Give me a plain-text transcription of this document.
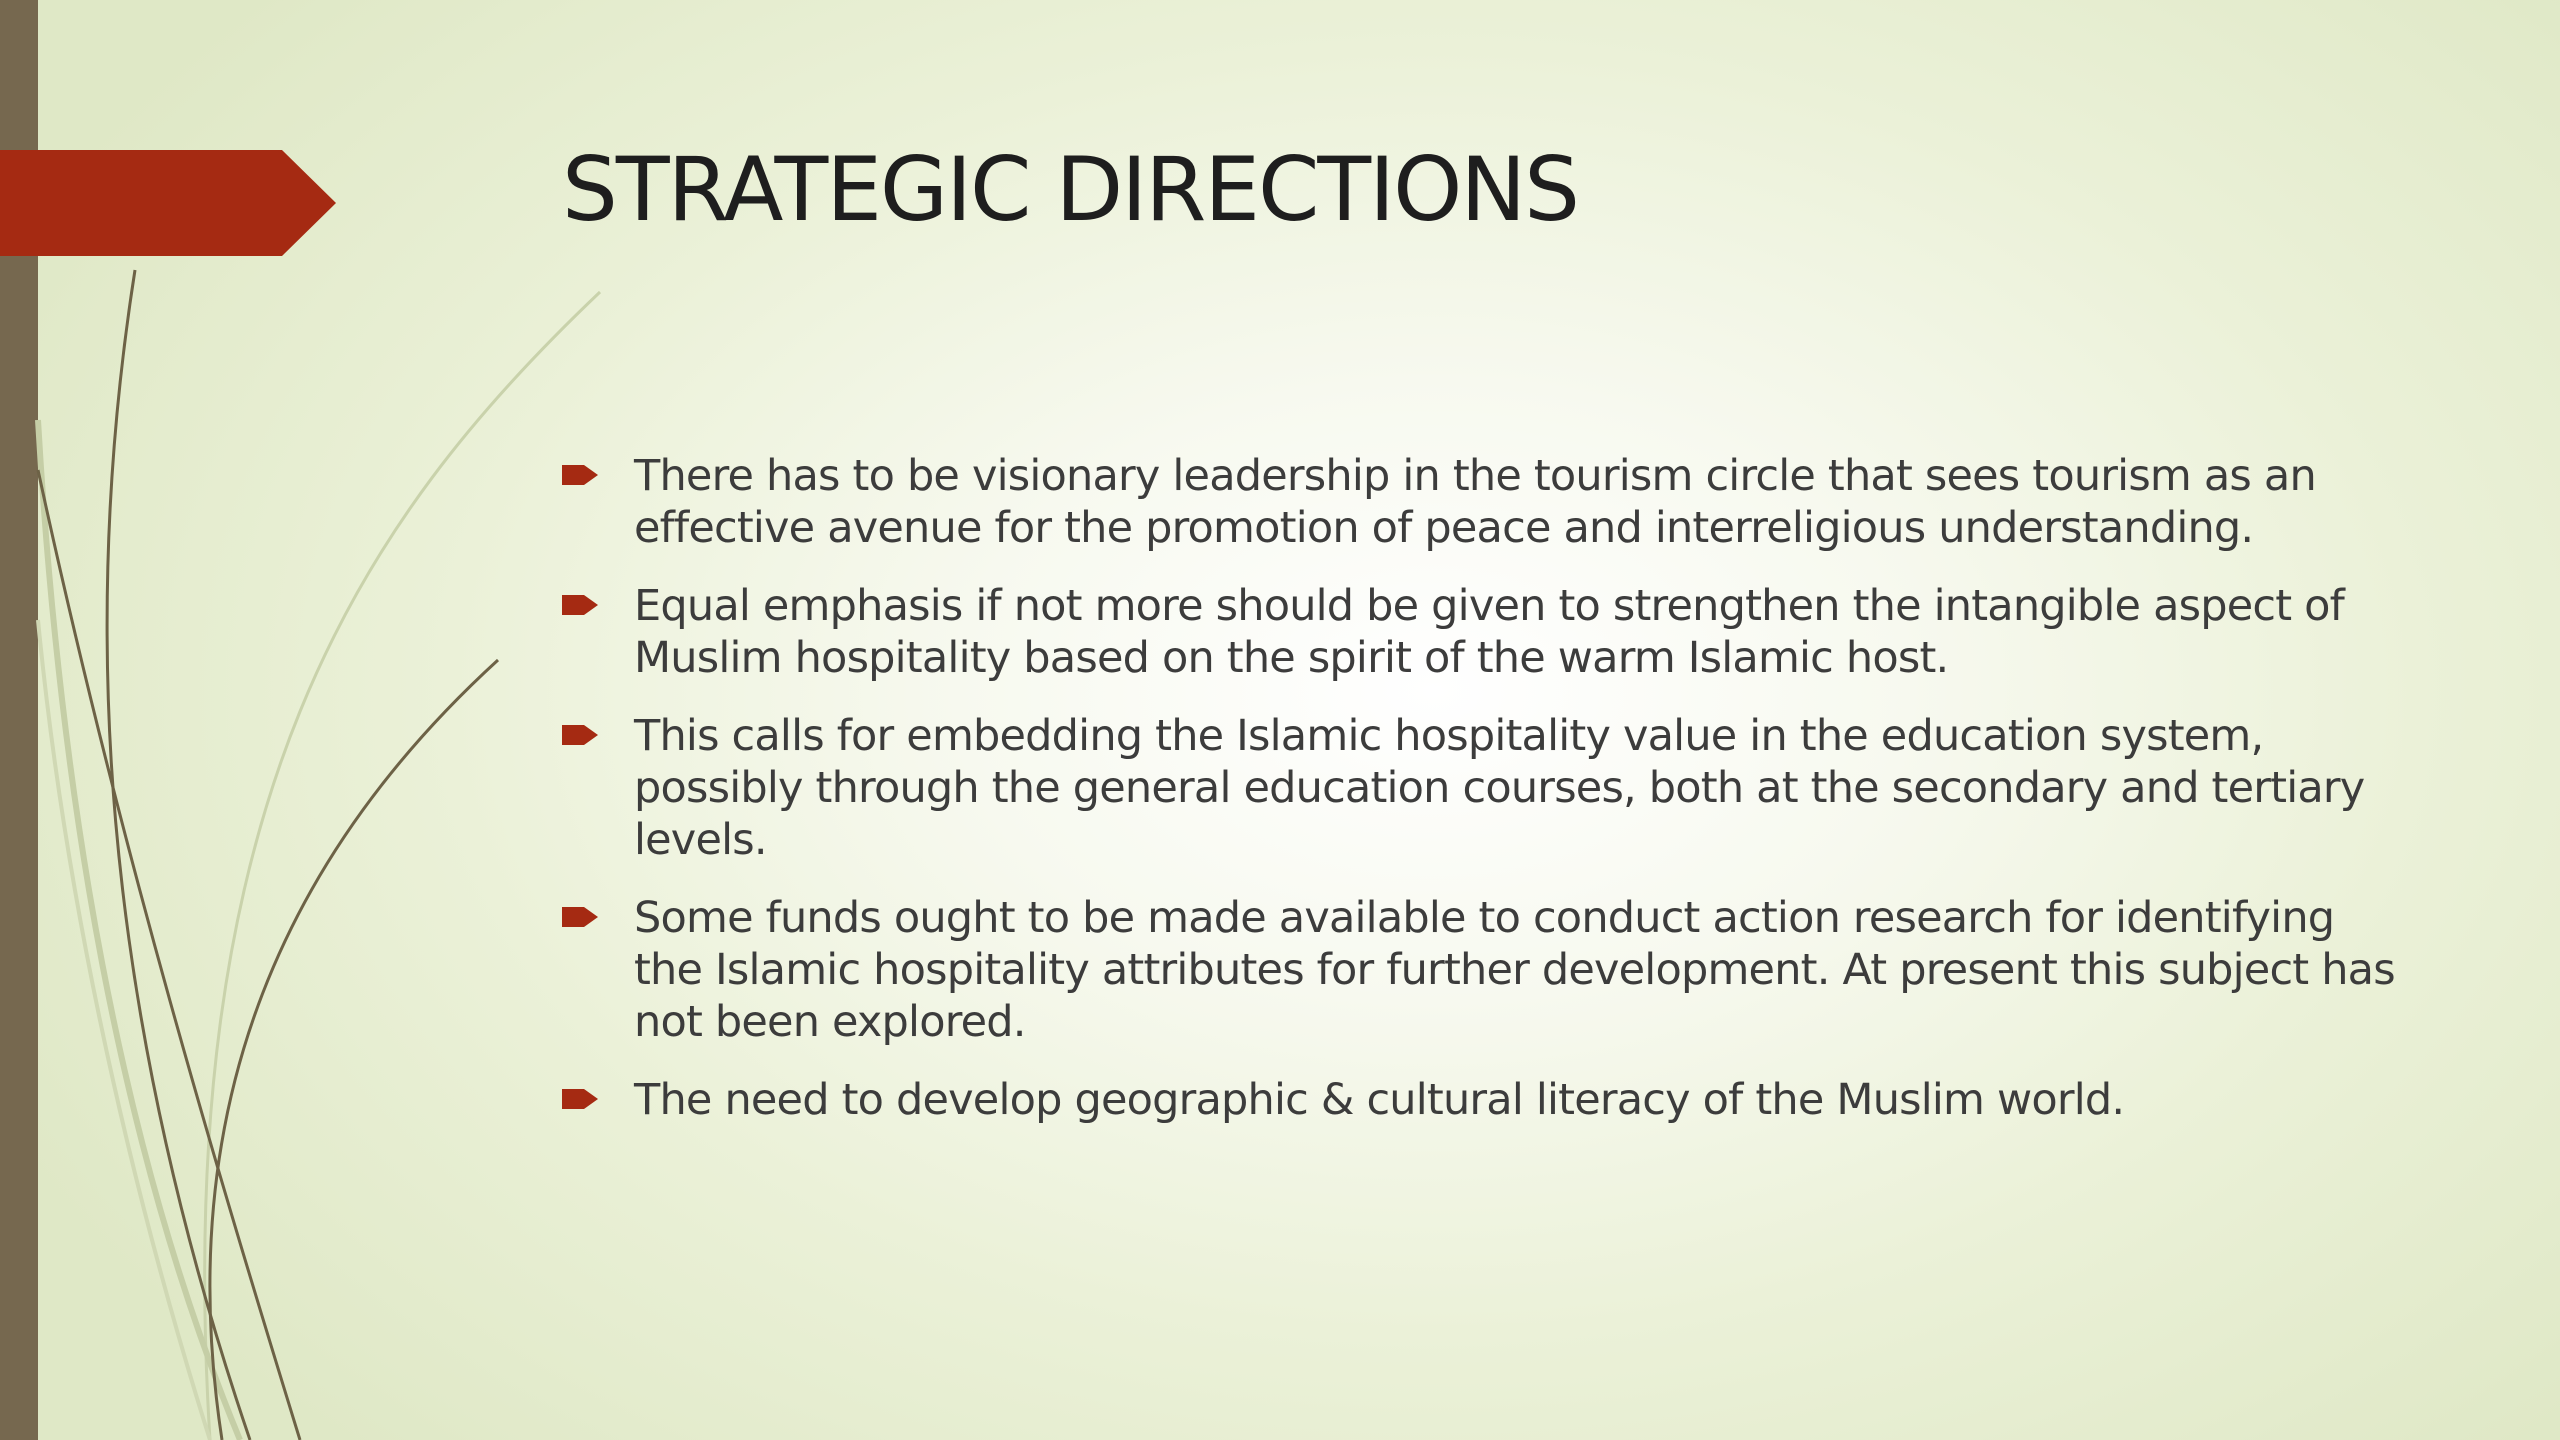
STRATEGIC DIRECTIONS
There has to be visionary leadership in the tourism circle that sees tourism as an effective avenue for the promotion of peace and interreligious understanding.
Equal emphasis if not more should be given to strengthen the intangible aspect of Muslim hospitality based on the spirit of the warm Islamic host.
This calls for embedding the Islamic hospitality value in the education system, possibly through the general education courses, both at the secondary and tertiary levels.
Some funds ought to be made available to conduct action research for identifying the Islamic hospitality attributes for further development. At present this subject has not been explored.
The need to develop geographic & cultural literacy of the Muslim world.
